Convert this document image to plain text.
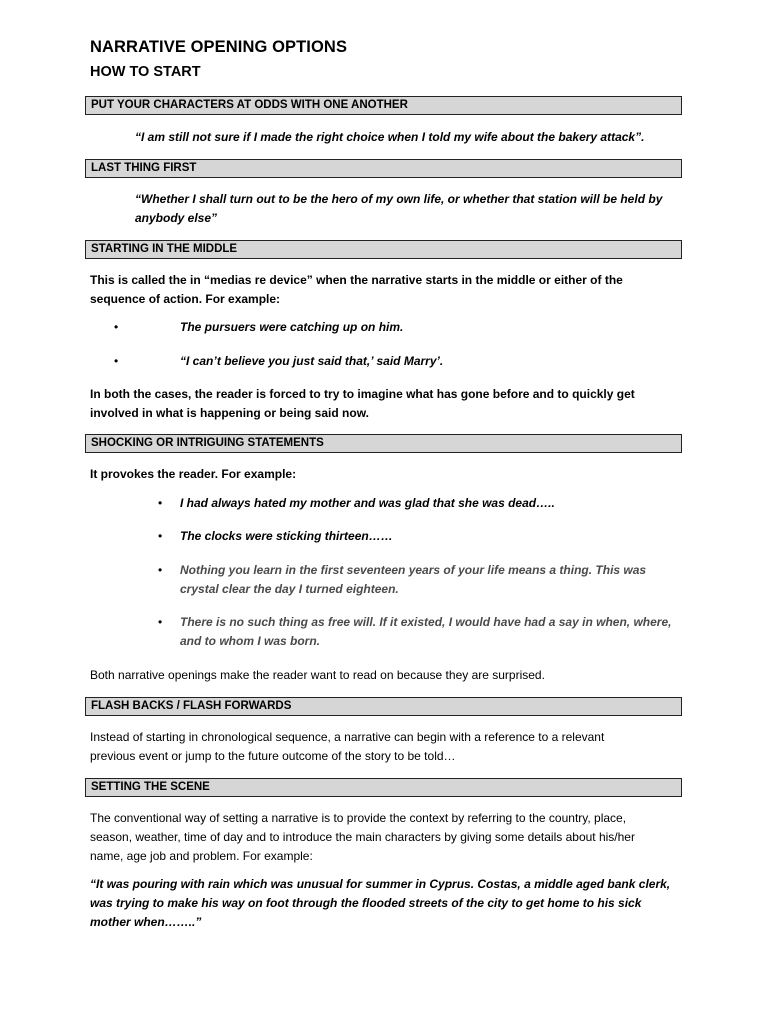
NARRATIVE OPENING OPTIONS
HOW TO START
PUT YOUR CHARACTERS AT ODDS WITH ONE ANOTHER
“I am still not sure if I made the right choice when I told my wife about the bakery attack”.
LAST THING FIRST
“Whether I shall turn out to be the hero of my own life, or whether that station will be held by
anybody else”
STARTING IN THE MIDDLE
This is called the in “medias re device” when the narrative starts in the middle or either of the
sequence of action. For example:
•	The pursuers were catching up on him.
•	“I can’t believe you just said that,’ said Marry’.
In both the cases, the reader is forced to try to imagine what has gone before and to quickly get
involved in what is happening or being said now.
SHOCKING OR INTRIGUING STATEMENTS
It provokes the reader. For example:
• I had always hated my mother and was glad that she was dead…..
• The clocks were sticking thirteen……
• Nothing you learn in the first seventeen years of your life means a thing. This was
crystal clear the day I turned eighteen.
• There is no such thing as free will. If it existed, I would have had a say in when, where,
and to whom I was born.
Both narrative openings make the reader want to read on because they are surprised.
FLASH BACKS / FLASH FORWARDS
Instead of starting in chronological sequence, a narrative can begin with a reference to a relevant
previous event or jump to the future outcome of the story to be told…
SETTING THE SCENE
The conventional way of setting a narrative is to provide the context by referring to the country, place,
season, weather, time of day and to introduce the main characters by giving some details about his/her
name, age job and problem. For example:
“It was pouring with rain which was unusual for summer in Cyprus. Costas, a middle aged bank clerk,
was trying to make his way on foot through the flooded streets of the city to get home to his sick
mother when……..”
